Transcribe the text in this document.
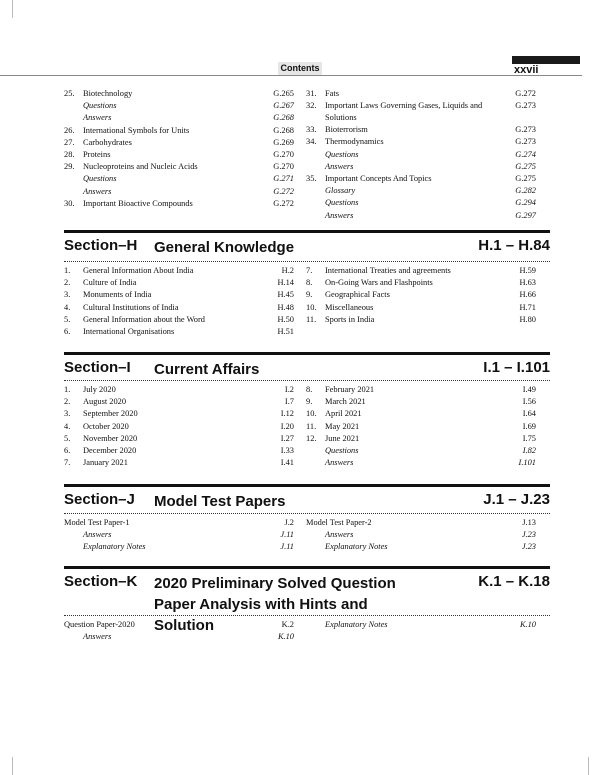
Contents	xxvii
25. Biotechnology	G.265
Questions	G.267
Answers	G.268
26. International Symbols for Units	G.268
27. Carbohydrates	G.269
28. Proteins	G.270
29. Nucleoproteins and Nucleic Acids	G.270
Questions	G.271
Answers	G.272
30. Important Bioactive Compounds	G.272
31. Fats	G.272
32. Important Laws Governing Gases, Liquids and Solutions
G.273
33. Bioterrorism	G.273
34. Thermodynamics	G.273
Questions	G.274
Answers	G.275
35. Important Concepts And Topics	G.275
Glossary	G.282
Questions	G.294
Answers	G.297
Section–H General Knowledge	H.1 – H.84
1. General Information About India	H.2
2. Culture of India	H.14
3. Monuments of India	H.45
4. Cultural Institutions of India	H.48
5. General Information about the Word	H.50
6. International Organisations	H.51
7. International Treaties and agreements	H.59
8. On-Going Wars and Flashpoints	H.63
9. Geographical Facts	H.66
10. Miscellaneous	H.71
11. Sports in India	H.80
Section–I Current Affairs	I.1 – I.101
1. July 2020	I.2
2. August 2020	I.7
3. September 2020	I.12
4. October 2020	I.20
5. November 2020	I.27
6. December 2020	I.33
7. January 2021	I.41
8. February 2021	I.49
9. March 2021	I.56
10. April 2021	I.64
11. May 2021	I.69
12. June 2021	I.75
Questions	I.82
Answers	I.101
Section–J Model Test Papers	J.1 – J.23
Model Test Paper-1	J.2
Answers	J.11
Explanatory Notes	J.11
Model Test Paper-2	J.13
Answers	J.23
Explanatory Notes	J.23
Section–K 2020 Preliminary Solved Question Paper Analysis with Hints and Solution
K.1 – K.18
Question Paper-2020	K.2
Answers	K.10
Explanatory Notes	K.10
